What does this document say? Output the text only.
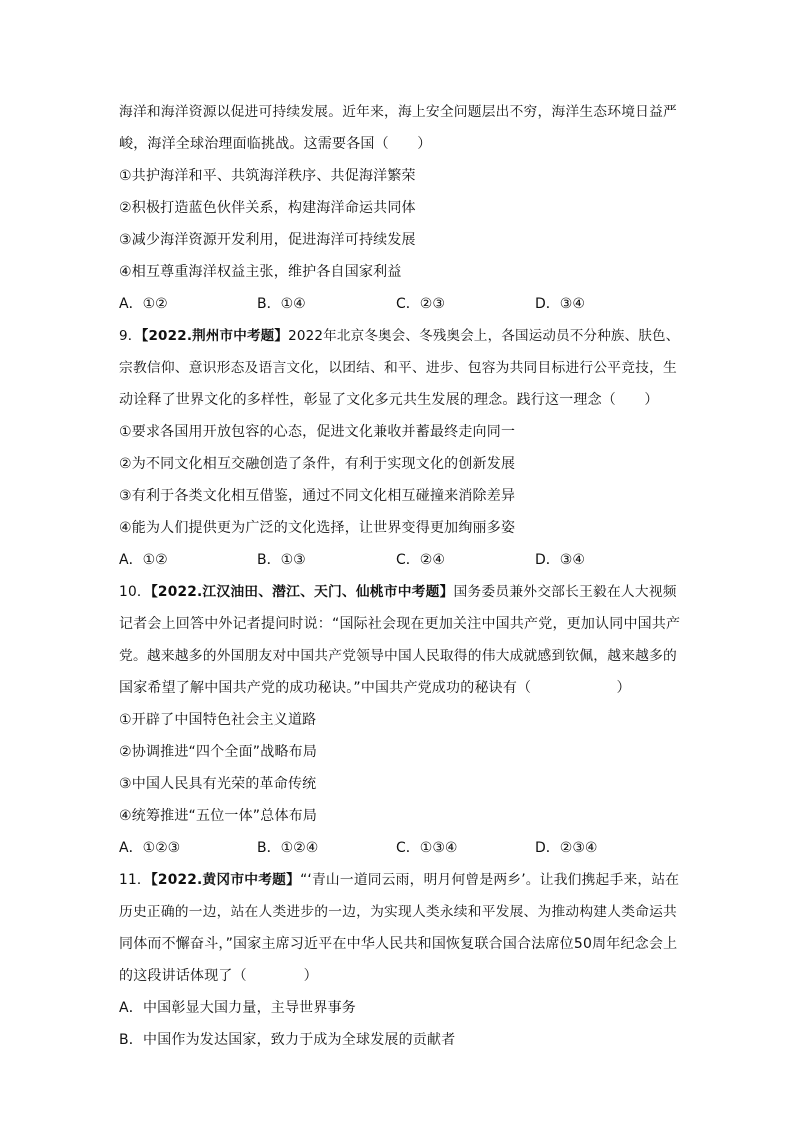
海洋和海洋资源以促进可持续发展。近年来，海上安全问题层出不穷，海洋生态环境日益严
峻，海洋全球治理面临挑战。这需要各国（　　）
①共护海洋和平、共筑海洋秩序、共促海洋繁荣
②积极打造蓝色伙伴关系，构建海洋命运共同体
③减少海洋资源开发利用，促进海洋可持续发展
④相互尊重海洋权益主张，维护各自国家利益
A．①②	B．①④	C．②③	D．③④
9．【2022.荆州市中考题】2022年北京冬奥会、冬残奥会上，各国运动员不分种族、肤色、
宗教信仰、意识形态及语言文化，以团结、和平、进步、包容为共同目标进行公平竞技，生
动诠释了世界文化的多样性，彰显了文化多元共生发展的理念。践行这一理念（　　）
①要求各国用开放包容的心态，促进文化兼收并蓄最终走向同一
②为不同文化相互交融创造了条件，有利于实现文化的创新发展
③有利于各类文化相互借鉴，通过不同文化相互碰撞来消除差异
④能为人们提供更为广泛的文化选择，让世界变得更加绚丽多姿
A．①②	B．①③	C．②④	D．③④
10．【2022.江汉油田、潜江、天门、仙桃市中考题】国务委员兼外交部长王毅在人大视频
记者会上回答中外记者提问时说：“国际社会现在更加关注中国共产党，更加认同中国共产
党。越来越多的外国朋友对中国共产党领导中国人民取得的伟大成就感到钦佩，越来越多的
国家希望了解中国共产党的成功秘诀。”中国共产党成功的秘诀有（　　　　　　）
①开辟了中国特色社会主义道路
②协调推进“四个全面”战略布局
③中国人民具有光荣的革命传统
④统筹推进“五位一体”总体布局
A．①②③	B．①②④	C．①③④	D．②③④
11．【2022.黄冈市中考题】“‘青山一道同云雨，明月何曾是两乡’。让我们携起手来，站在
历史正确的一边，站在人类进步的一边，为实现人类永续和平发展、为推动构建人类命运共
同体而不懈奋斗，”国家主席习近平在中华人民共和国恢复联合国合法席位50周年纪念会上
的这段讲话体现了（　　　　）
A．中国彰显大国力量，主导世界事务
B．中国作为发达国家，致力于成为全球发展的贡献者
